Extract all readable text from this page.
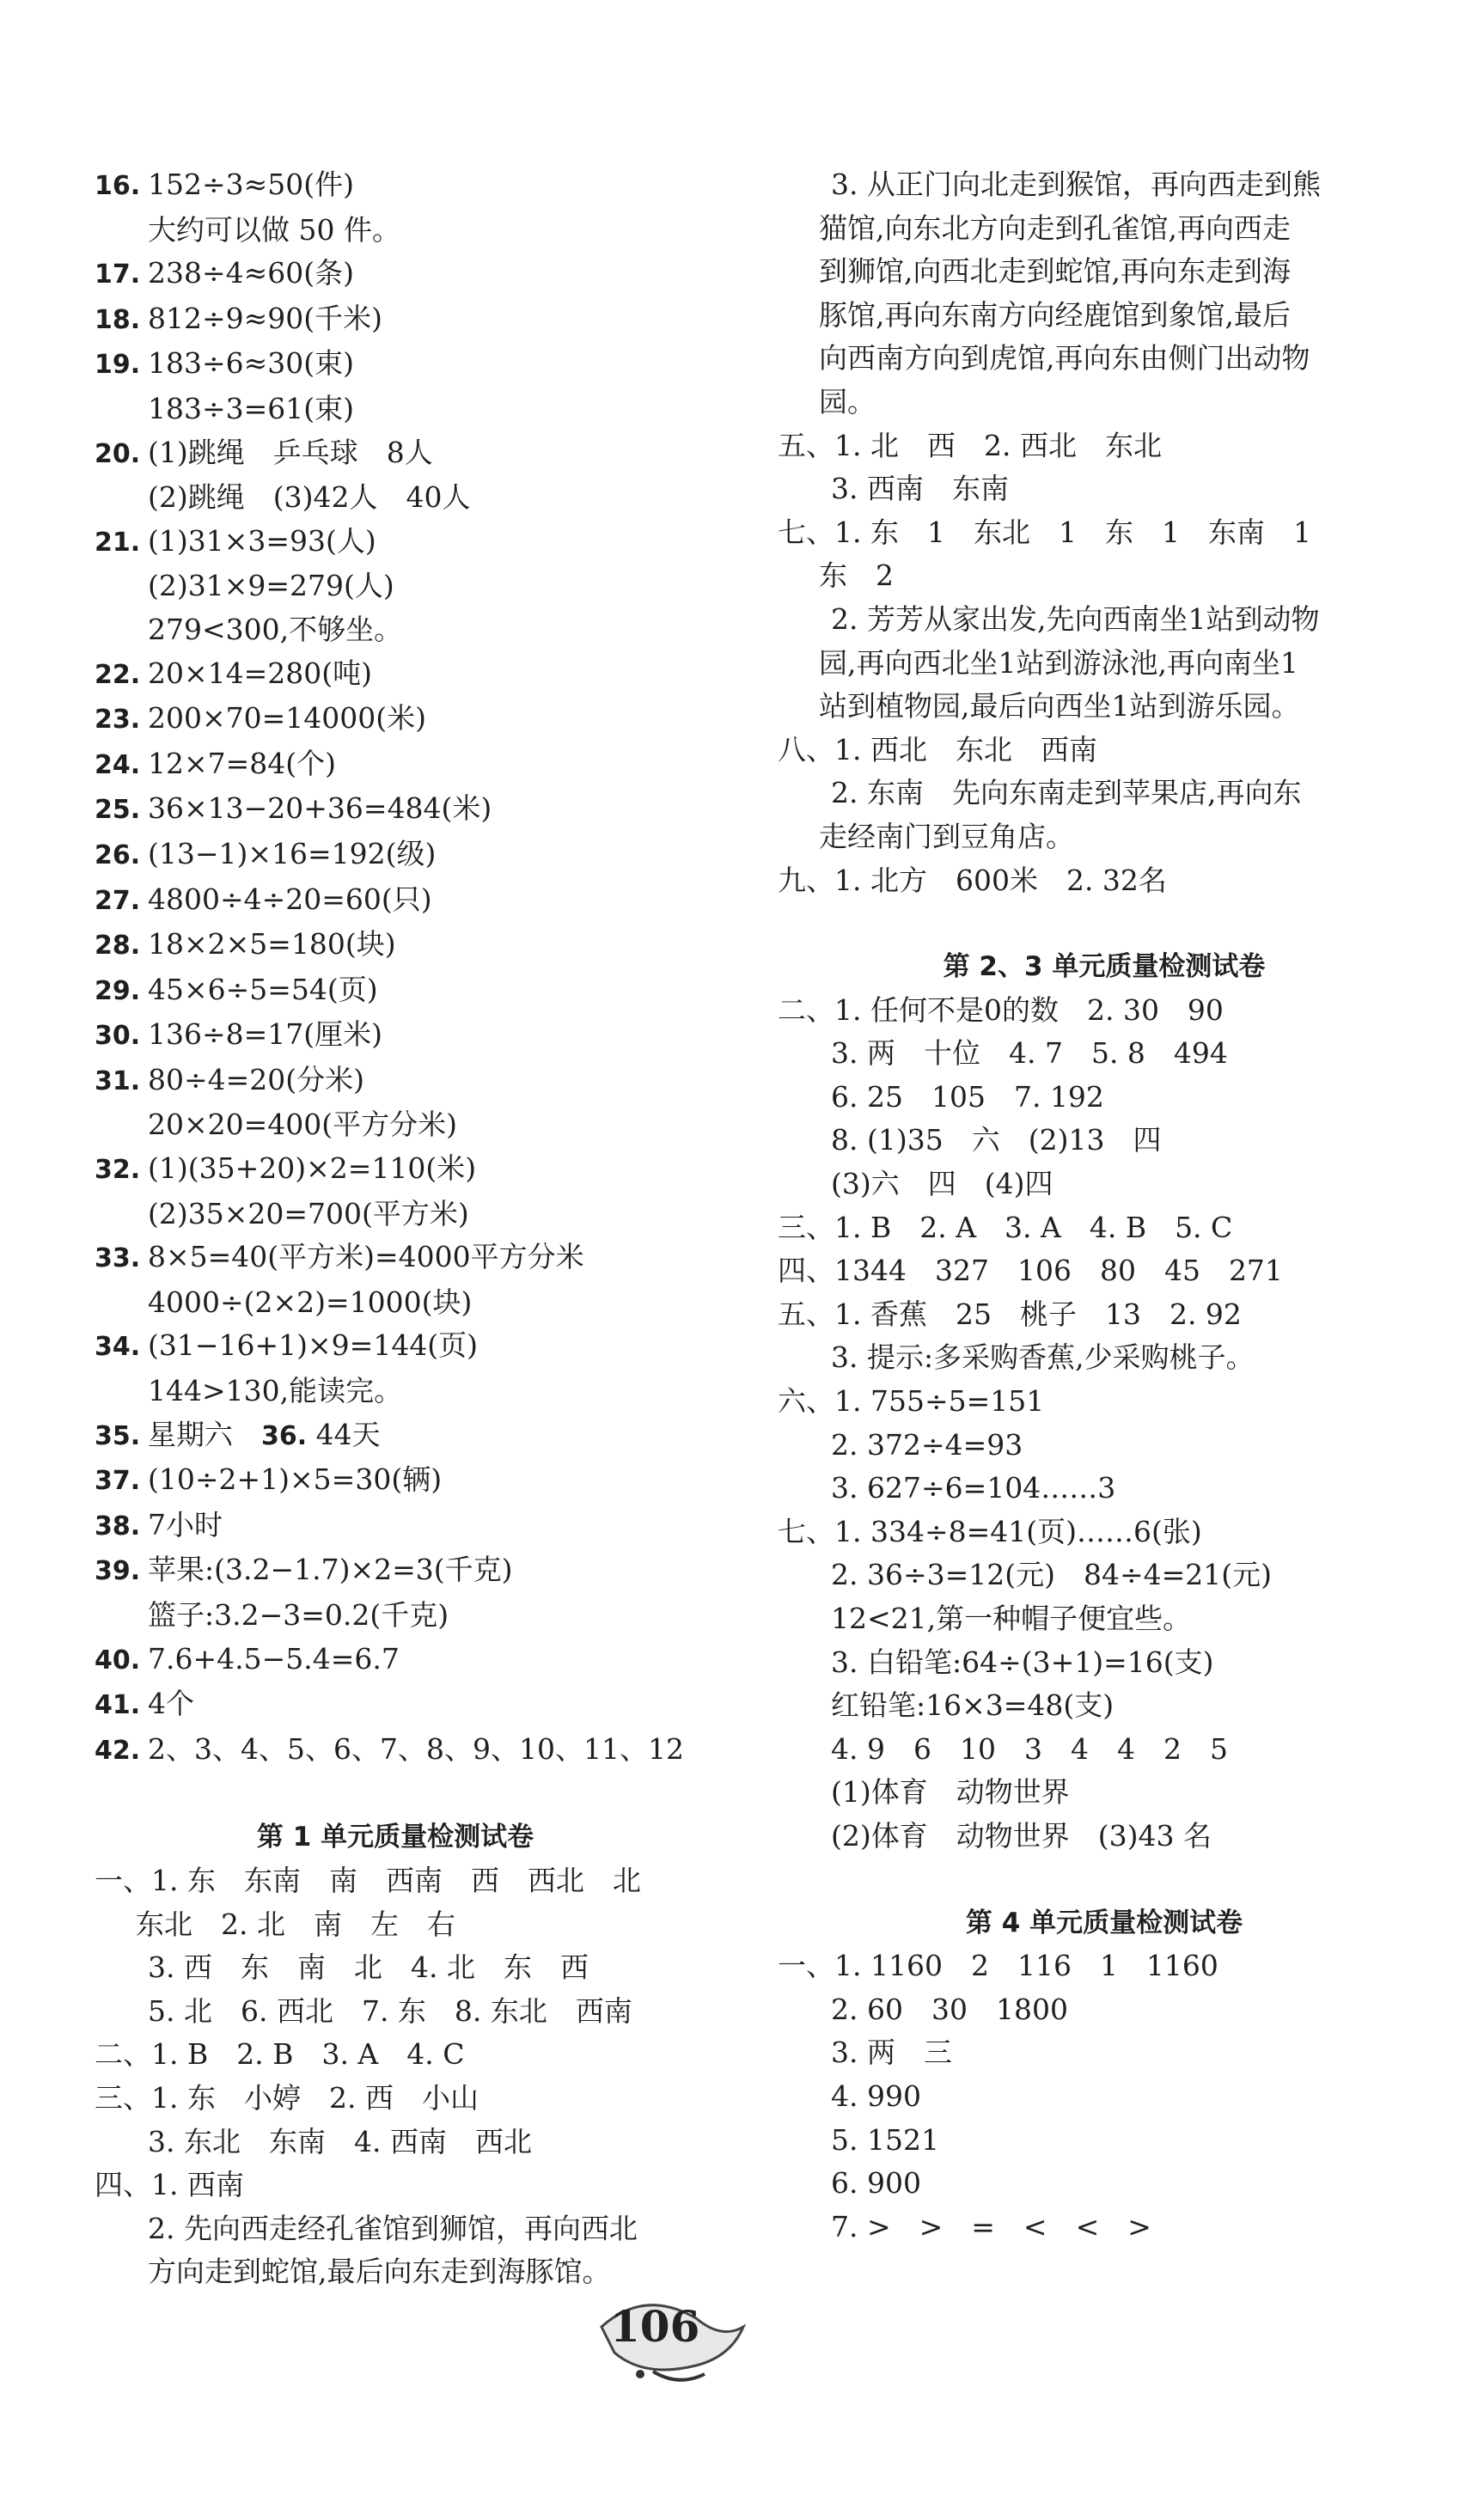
16. 152÷3≈50(件)
大约可以做 50 件。
17. 238÷4≈60(条)
18. 812÷9≈90(千米)
19. 183÷6≈30(束)
183÷3=61(束)
20. (1)跳绳　乒乓球　8人
(2)跳绳　(3)42人　40人
21. (1)31×3=93(人)
(2)31×9=279(人)
279<300,不够坐。
22. 20×14=280(吨)
23. 200×70=14000(米)
24. 12×7=84(个)
25. 36×13−20+36=484(米)
26. (13−1)×16=192(级)
27. 4800÷4÷20=60(只)
28. 18×2×5=180(块)
29. 45×6÷5=54(页)
30. 136÷8=17(厘米)
31. 80÷4=20(分米)
20×20=400(平方分米)
32. (1)(35+20)×2=110(米)
(2)35×20=700(平方米)
33. 8×5=40(平方米)=4000平方分米
4000÷(2×2)=1000(块)
34. (31−16+1)×9=144(页)
144>130,能读完。
35. 星期六　36. 44天
37. (10÷2+1)×5=30(辆)
38. 7小时
39. 苹果:(3.2−1.7)×2=3(千克)
篮子:3.2−3=0.2(千克)
40. 7.6+4.5−5.4=6.7
41. 4个
42. 2、3、4、5、6、7、8、9、10、11、12
第 1 单元质量检测试卷
一、1. 东　东南　南　西南　西　西北　北
东北　2. 北　南　左　右
3. 西　东　南　北　4. 北　东　西
5. 北　6. 西北　7. 东　8. 东北　西南
二、1. B　2. B　3. A　4. C
三、1. 东　小婷　2. 西　小山
3. 东北　东南　4. 西南　西北
四、1. 西南
2. 先向西走经孔雀馆到狮馆，再向西北
方向走到蛇馆,最后向东走到海豚馆。
3. 从正门向北走到猴馆，再向西走到熊
猫馆,向东北方向走到孔雀馆,再向西走
到狮馆,向西北走到蛇馆,再向东走到海
豚馆,再向东南方向经鹿馆到象馆,最后
向西南方向到虎馆,再向东由侧门出动物
园。
五、1. 北　西　2. 西北　东北
3. 西南　东南
七、1. 东　1　东北　1　东　1　东南　1
东　2
2. 芳芳从家出发,先向西南坐1站到动物
园,再向西北坐1站到游泳池,再向南坐1
站到植物园,最后向西坐1站到游乐园。
八、1. 西北　东北　西南
2. 东南　先向东南走到苹果店,再向东
走经南门到豆角店。
九、1. 北方　600米　2. 32名
第 2、3 单元质量检测试卷
二、1. 任何不是0的数　2. 30　90
3. 两　十位　4. 7　5. 8　494
6. 25　105　7. 192
8. (1)35　六　(2)13　四
(3)六　四　(4)四
三、1. B　2. A　3. A　4. B　5. C
四、1344　327　106　80　45　271
五、1. 香蕉　25　桃子　13　2. 92
3. 提示:多采购香蕉,少采购桃子。
六、1. 755÷5=151
2. 372÷4=93
3. 627÷6=104……3
七、1. 334÷8=41(页)……6(张)
2. 36÷3=12(元)　84÷4=21(元)
12<21,第一种帽子便宜些。
3. 白铅笔:64÷(3+1)=16(支)
红铅笔:16×3=48(支)
4. 9　6　10　3　4　4　2　5
(1)体育　动物世界
(2)体育　动物世界　(3)43 名
第 4 单元质量检测试卷
一、1. 1160　2　116　1　1160
2. 60　30　1800
3. 两　三
4. 990
5. 1521
6. 900
7. >　>　=　<　<　>
106
